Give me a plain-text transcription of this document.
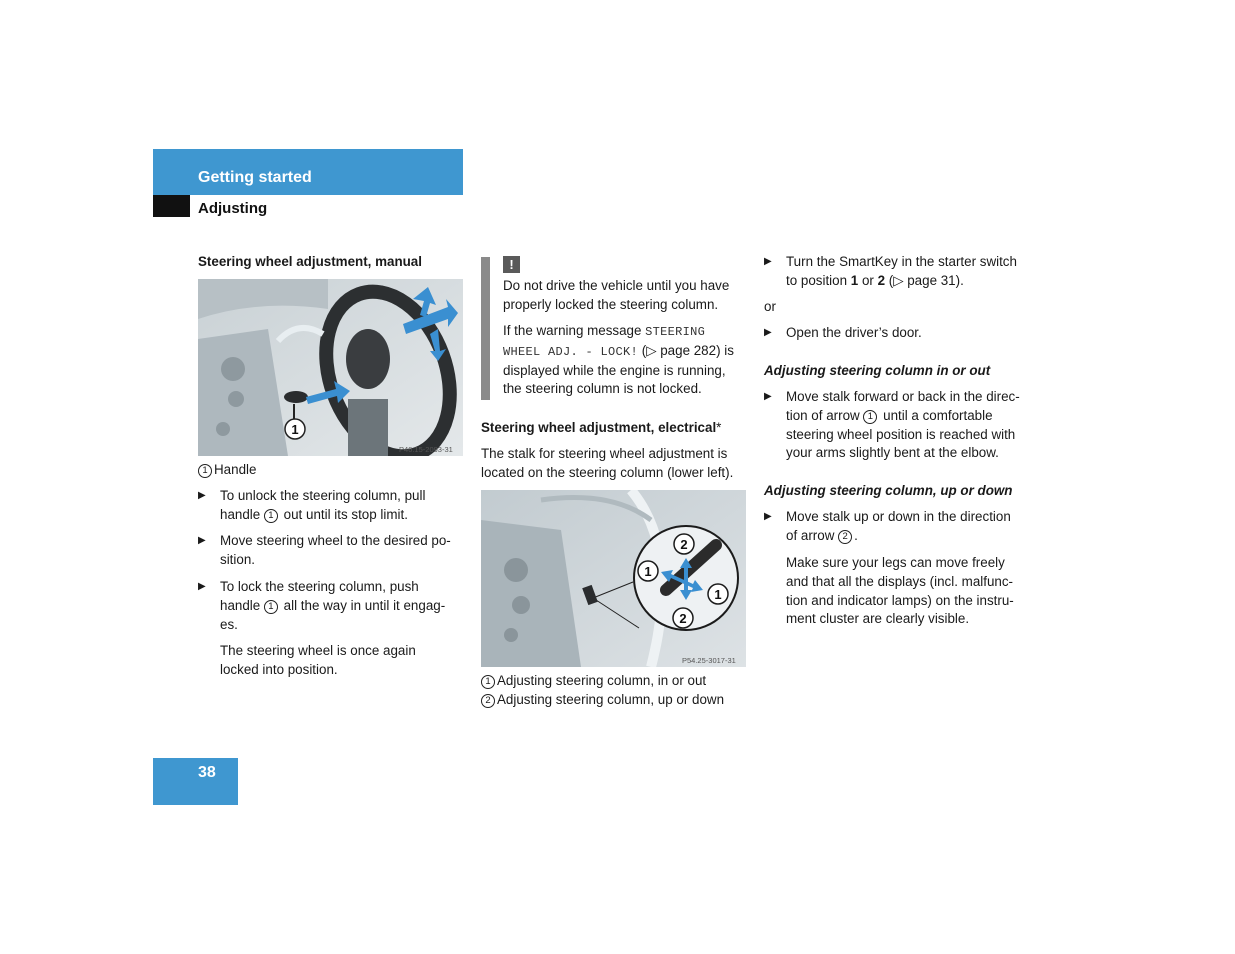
Getting started
Adjusting
Steering wheel adjustment, manual
1
P46.15-2093-31
1 Handle
▶ To unlock the steering column, pull
handle 1 out until its stop limit.
▶ Move steering wheel to the desired po-
sition.
▶ To lock the steering column, push
handle 1 all the way in until it engag-
es.
The steering wheel is once again
locked into position.
!
Do not drive the vehicle until you have
properly locked the steering column.
If the warning message STEERING
WHEEL ADJ. - LOCK! (▷ page 282) is
displayed while the engine is running,
the steering column is not locked.
Steering wheel adjustment, electrical*
The stalk for steering wheel adjustment is
located on the steering column (lower left).
2
1
1
2
P54.25-3017-31
1 Adjusting steering column, in or out
2 Adjusting steering column, up or down
▶ Turn the SmartKey in the starter switch
to position 1 or 2 (▷ page 31).
or
▶ Open the driver’s door.
Adjusting steering column in or out
▶ Move stalk forward or back in the direc-
tion of arrow 1 until a comfortable
steering wheel position is reached with
your arms slightly bent at the elbow.
Adjusting steering column, up or down
▶ Move stalk up or down in the direction
of arrow 2 .
Make sure your legs can move freely
and that all the displays (incl. malfunc-
tion and indicator lamps) on the instru-
ment cluster are clearly visible.
38
